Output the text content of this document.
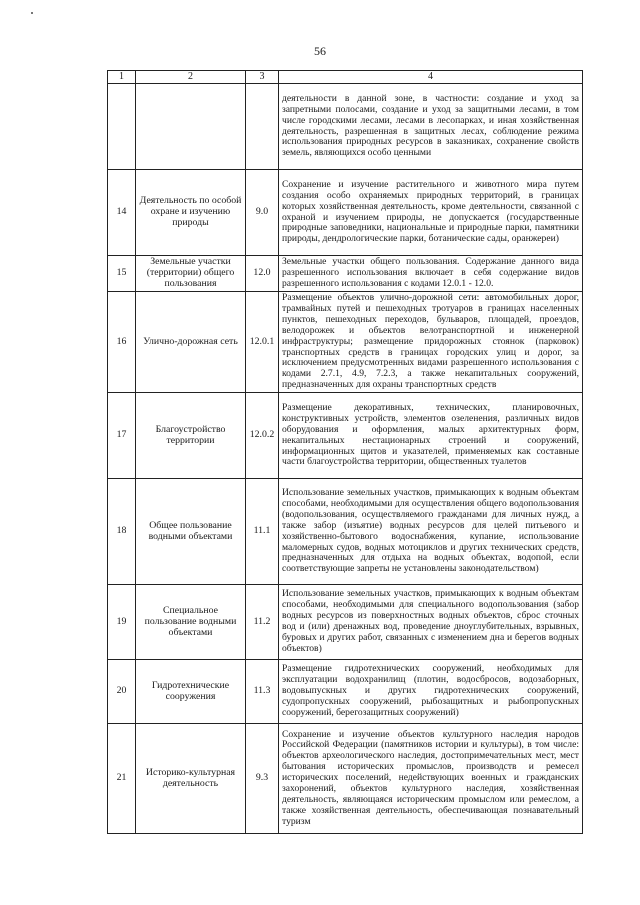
56
1	2	3	4
			деятельности в данной зоне, в частности: создание и уход за запретными полосами, создание и уход за защитными лесами, в том числе городскими лесами, лесами в лесопарках, и иная хозяйственная деятельность, разрешенная в защитных лесах, соблюдение режима использования природных ресурсов в заказниках, сохранение свойств земель, являющихся особо ценными
14	Деятельность по особой охране и изучению природы	9.0	Сохранение и изучение растительного и животного мира путем создания особо охраняемых природных территорий, в границах которых хозяйственная деятельность, кроме деятельности, связанной с охраной и изучением природы, не допускается (государственные природные заповедники, национальные и природные парки, памятники природы, дендрологические парки, ботанические сады, оранжереи)
15	Земельные участки (территории) общего пользования	12.0	Земельные участки общего пользования. Содержание данного вида разрешенного использования включает в себя содержание видов разрешенного использования с кодами 12.0.1 - 12.0.
16	Улично-дорожная сеть	12.0.1	Размещение объектов улично-дорожной сети: автомобильных дорог, трамвайных путей и пешеходных тротуаров в границах населенных пунктов, пешеходных переходов, бульваров, площадей, проездов, велодорожек и объектов велотранспортной и инженерной инфраструктуры; размещение придорожных стоянок (парковок) транспортных средств в границах городских улиц и дорог, за исключением предусмотренных видами разрешенного использования с кодами 2.7.1, 4.9, 7.2.3, а также некапитальных сооружений, предназначенных для охраны транспортных средств
17	Благоустройство территории	12.0.2	Размещение декоративных, технических, планировочных, конструктивных устройств, элементов озеленения, различных видов оборудования и оформления, малых архитектурных форм, некапитальных нестационарных строений и сооружений, информационных щитов и указателей, применяемых как составные части благоустройства территории, общественных туалетов
18	Общее пользование водными объектами	11.1	Использование земельных участков, примыкающих к водным объектам способами, необходимыми для осуществления общего водопользования (водопользования, осуществляемого гражданами для личных нужд, а также забор (изъятие) водных ресурсов для целей питьевого и хозяйственно-бытового водоснабжения, купание, использование маломерных судов, водных мотоциклов и других технических средств, предназначенных для отдыха на водных объектах, водопой, если соответствующие запреты не установлены законодательством)
19	Специальное пользование водными объектами	11.2	Использование земельных участков, примыкающих к водным объектам способами, необходимыми для специального водопользования (забор водных ресурсов из поверхностных водных объектов, сброс сточных вод и (или) дренажных вод, проведение дноуглубительных, взрывных, буровых и других работ, связанных с изменением дна и берегов водных объектов)
20	Гидротехнические сооружения	11.3	Размещение гидротехнических сооружений, необходимых для эксплуатации водохранилищ (плотин, водосбросов, водозаборных, водовыпускных и других гидротехнических сооружений, судопропускных сооружений, рыбозащитных и рыбопропускных сооружений, берегозащитных сооружений)
21	Историко-культурная деятельность	9.3	Сохранение и изучение объектов культурного наследия народов Российской Федерации (памятников истории и культуры), в том числе: объектов археологического наследия, достопримечательных мест, мест бытования исторических промыслов, производств и ремесел исторических поселений, недействующих военных и гражданских захоронений, объектов культурного наследия, хозяйственная деятельность, являющаяся историческим промыслом или ремеслом, а также хозяйственная деятельность, обеспечивающая познавательный туризм
